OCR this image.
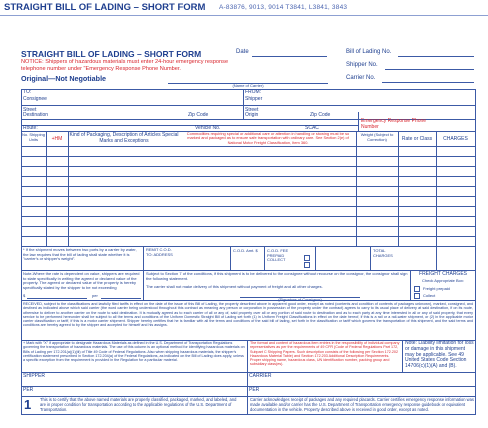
STRAIGHT BILL OF LADING – SHORT FORM A-83876, 9013, 9014 T3841, L3841, 3843
STRAIGHT BILL OF LADING – SHORT FORM
NOTICE: Shippers of hazardous materials must enter 24-hour emergency response telephone number under "Emergency Response Phone Number.
Original—Not Negotiable
Date
(Name of Carrier)
Bill of Lading No.
Shipper No.
Carrier No.
TO:
Consignee
FROM:
Shipper
Street	Street
Destination	Zip Code	Origin	Zip Code
Emergency Response Phone Number
Route:	Vehicle No.	SCAC
No. Shipping Units	+HM
Kind of Packaging, Description of Articles Special Marks and Exceptions
Commodities requiring special or additional care or attention in handling or stowing must be so marked and packaged as to ensure safe transportation with ordinary care. See Section 2(e) of National Motor Freight Classification, Item 360.
Weight (Subject to Correction)	Rate or Class	CHARGES
* If the shipment moves between two ports by a carrier by water, the law requires that the bill of lading shall state whether it is "carrier's or shipper's weight".
REMIT C.O.D. TO: ADDRESS
C.O.D. Amt. $	C.O.D. FEE PREPAID COLLECT
TOTAL CHARGES
Note-Where the rate is dependent on value, shippers are required to state specifically in writing the agreed or declared value of the property. The agreed or declared value of the property is hereby specifically stated by the shipper to be not exceeding
$	per
Subject to Section 7 of the conditions, if this shipment is to be delivered to the consignee without recourse on the consignor, the consignor shall sign the following statement.
The carrier shall not make delivery of this shipment without payment of freight and all other charges.
(Signature of Consignor)
FREIGHT CHARGES
Check Appropriate Box:
Freight prepaid
Collect
RECEIVED, subject to the classifications and lawfully filed tariffs in effect on the date of the issue of this Bill of Lading, the property described above in apparent good order, except as noted (contents and condition of contents of packages unknown), marked, consigned, and destined as indicated above which said carrier (the word carrier being understood throughout this contract as meaning any person or corporation in possession of the property under the contract) agrees to carry to its usual place of delivery at said destination, if on its route, otherwise to deliver to another carrier on the route to said destination. It is mutually agreed as to each carrier of all or any of, said property over all or any portion of said route to destination and as to each party at any time interested in all or any of said property, that every service to be performed hereunder shall be subject to all the terms and conditions of the Uniform Domestic Straight Bill of Lading set forth (1) in Uniform Freight Classifications in effect on the date hereof, if this is a rail or a rail-water shipment, or (2) in the applicable motor carrier classification or tariff, if this is a motor carrier shipment. Shipper hereby certifies that he is familiar with all the terms and conditions of the said bill of lading, set forth in the classification or tariff which governs the transportation of this shipment, and the said terms and conditions are hereby agreed to by the shipper and accepted for himself and his assigns.
+ Mark with "X" if appropriate to designate Hazardous Materials as defined in the U.S. Department of Transportation Regulations governing the transportation of hazardous materials. The use of this column is an optional method for identifying hazardous materials on Bills of Lading per 172.201(a)(1)(iii) of Title 49 Code of Federal Regulations. Also when shipping hazardous materials, the shipper's certification statement prescribed in Section 172.204(a) of the Federal Regulations, as indicated on the Bill of Lading does apply, unless a specific exception from the requirement is provided in the Regulation for a particular material.
The format and content of hazardous item entries in the responsibility of individual company representatives as per the requirements of 49 CFR (Code of Federal Regulations Part 172, Subpart C Shipping Papers. Such description consists of the following per Section 172.202 Hazardous Material Table) and Section 172.203 Additional Description Requirements. Proper shipping name, hazardous class, UN identification number, packing group and subsidiary class(es).
Note: Liability limitation for loss or damage in this shipment may be applicable. See 49 United States Code Section 14706(c)(1)(A) and (B).
SHIPPER	CARRIER
PER	PER
1 This is to certify that the above named materials are properly classified, packaged, marked, and labeled, and are in proper condition for transportation according to the applicable regulations of the U.S. Department of Transportation.
Carrier acknowledges receipt of packages and any required placards. Carrier certifies emergency response information was made available and/or carrier has the U.S. Department of Transportation emergency response guidebook or equivalent documentation in the vehicle. Property described above is received in good order, except as noted.
